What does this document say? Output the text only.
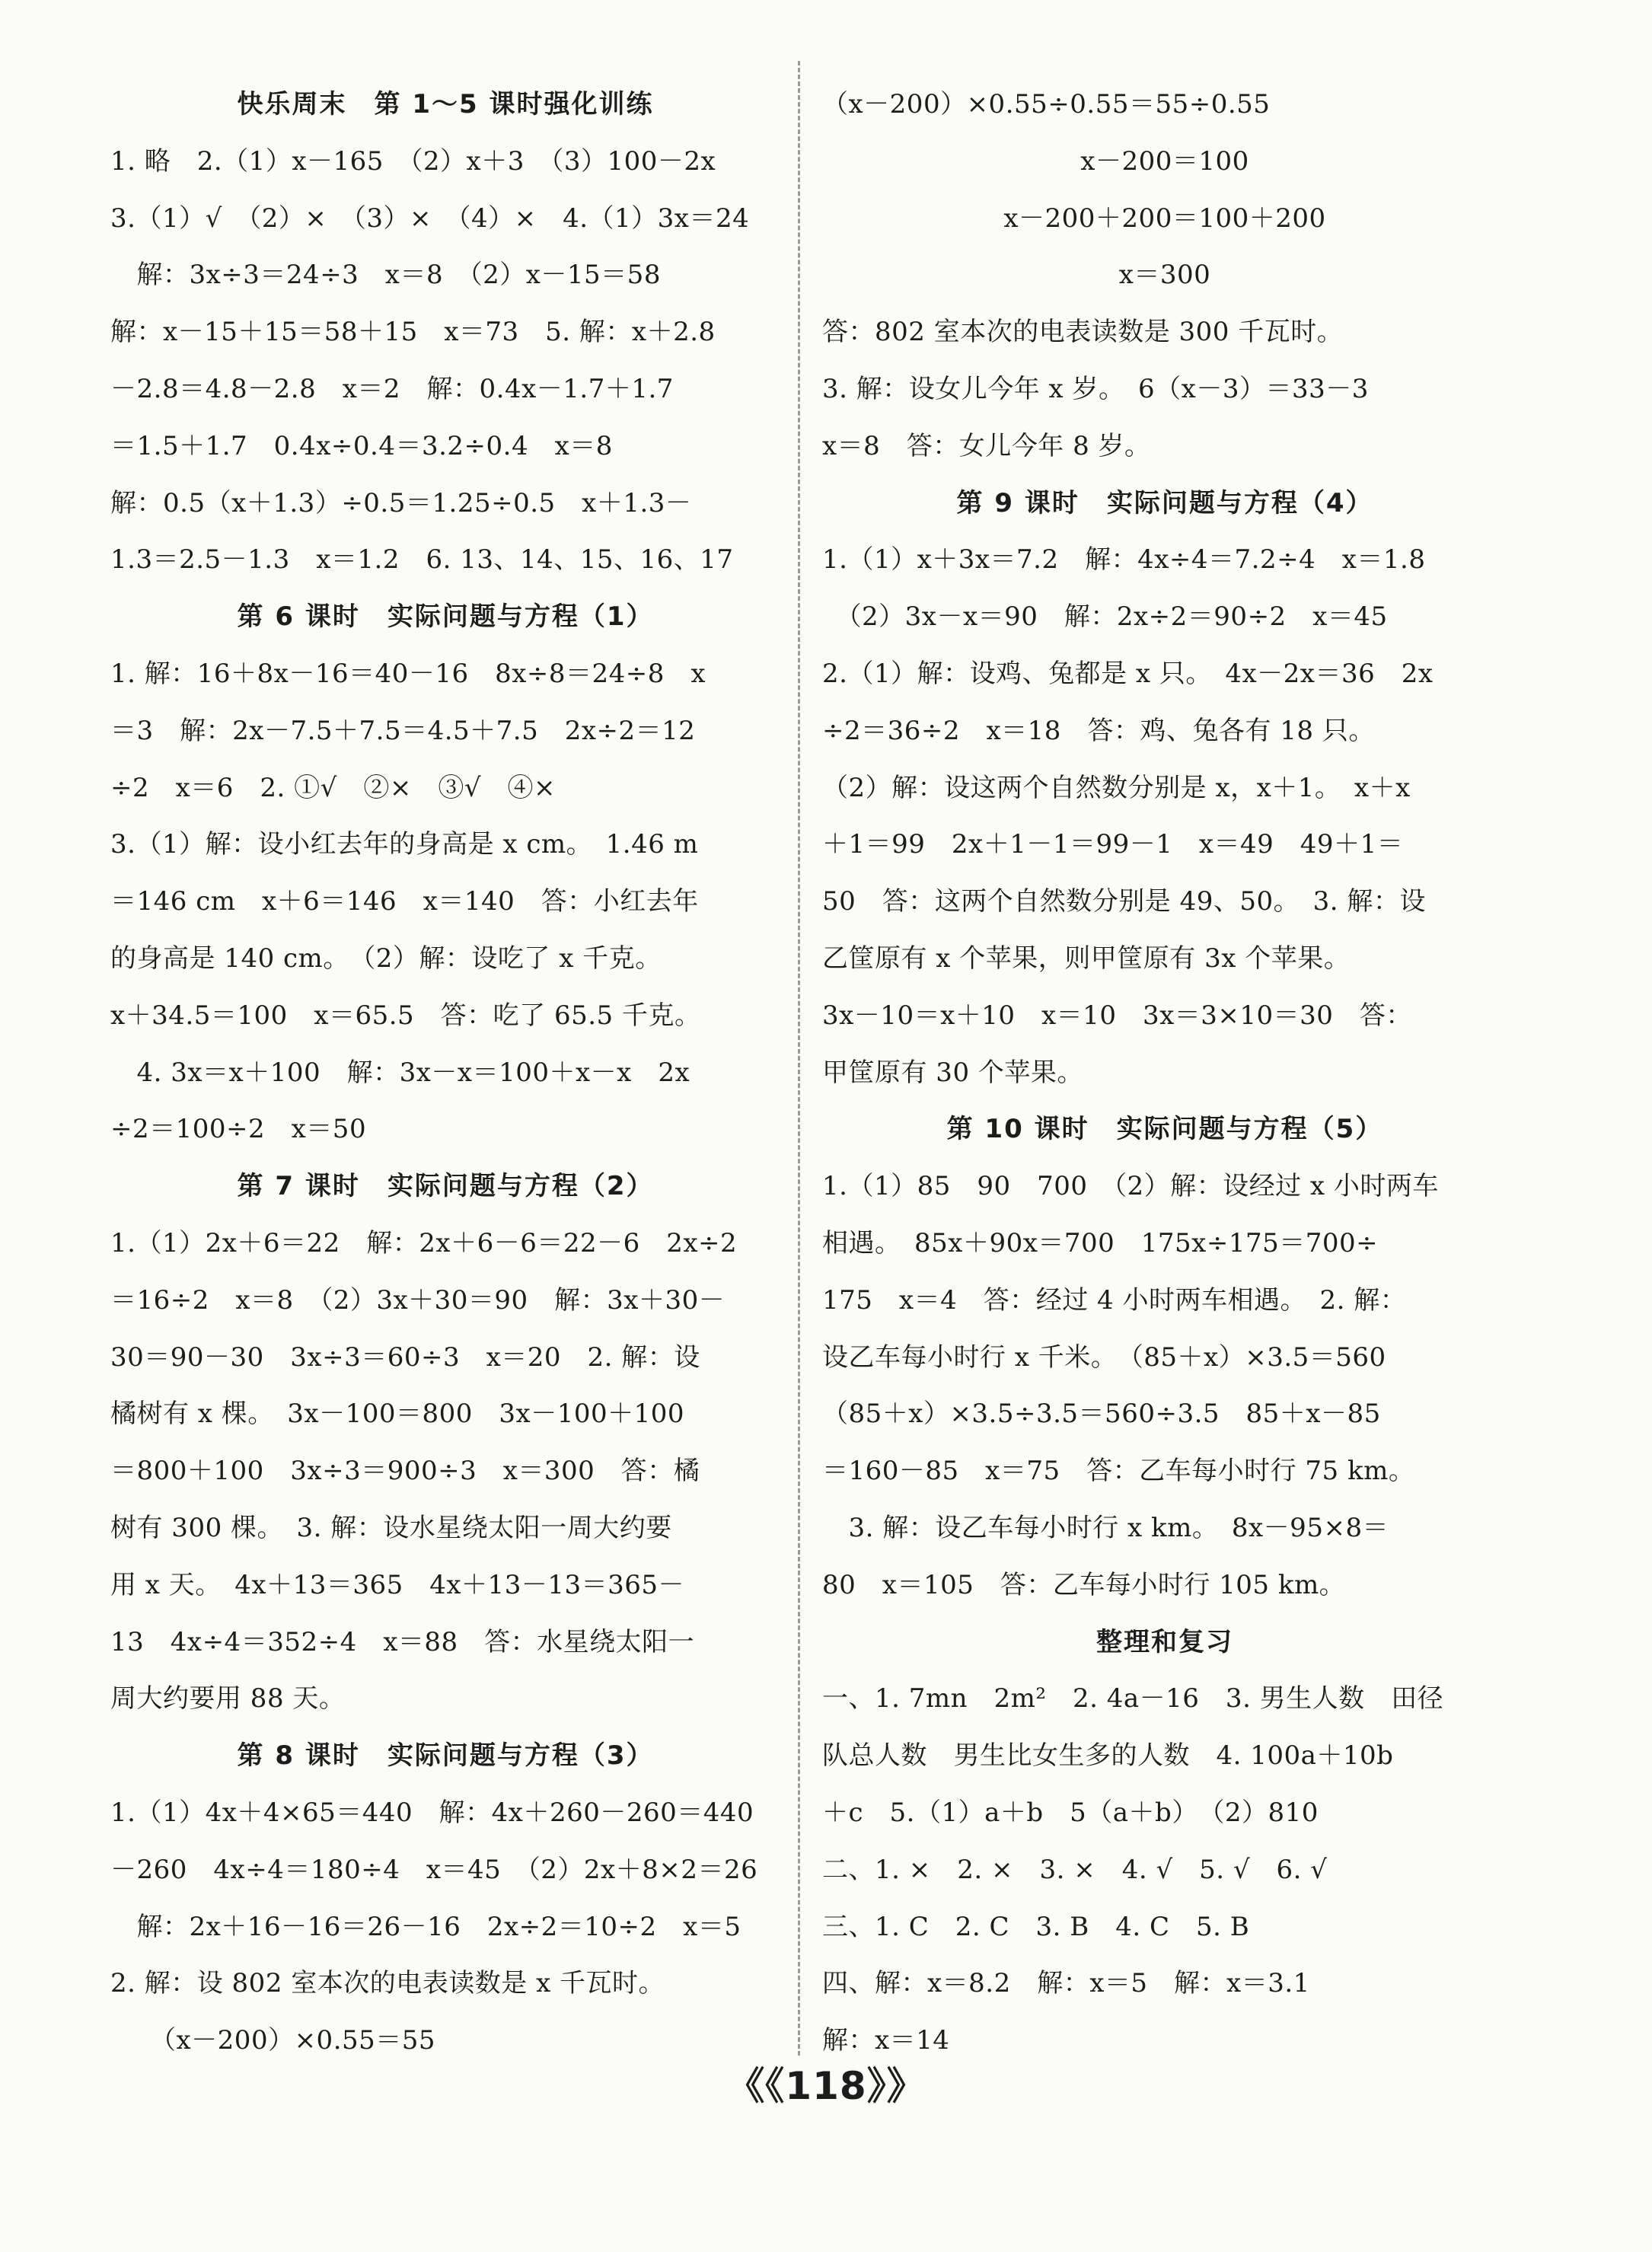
快乐周末　第 1～5 课时强化训练
1. 略　2.（1）x－165　（2）x＋3　（3）100－2x
3.（1）√　（2）×　（3）×　（4）×　4.（1）3x＝24
　解：3x÷3＝24÷3　x＝8　（2）x－15＝58
解：x－15＋15＝58＋15　x＝73　5. 解：x＋2.8
－2.8＝4.8－2.8　x＝2　解：0.4x－1.7＋1.7
＝1.5＋1.7　0.4x÷0.4＝3.2÷0.4　x＝8
解：0.5（x＋1.3）÷0.5＝1.25÷0.5　x＋1.3－
1.3＝2.5－1.3　x＝1.2　6. 13、14、15、16、17
第 6 课时　实际问题与方程（1）
1. 解：16＋8x－16＝40－16　8x÷8＝24÷8　x
＝3　解：2x－7.5＋7.5＝4.5＋7.5　2x÷2＝12
÷2　x＝6　2. ①√　②×　③√　④×
3.（1）解：设小红去年的身高是 x cm。　1.46 m
＝146 cm　x＋6＝146　x＝140　答：小红去年
的身高是 140 cm。　（2）解：设吃了 x 千克。
x＋34.5＝100　x＝65.5　答：吃了 65.5 千克。
　4. 3x＝x＋100　解：3x－x＝100＋x－x　2x
÷2＝100÷2　x＝50
第 7 课时　实际问题与方程（2）
1.（1）2x＋6＝22　解：2x＋6－6＝22－6　2x÷2
＝16÷2　x＝8　（2）3x＋30＝90　解：3x＋30－
30＝90－30　3x÷3＝60÷3　x＝20　2. 解：设
橘树有 x 棵。　3x－100＝800　3x－100＋100
＝800＋100　3x÷3＝900÷3　x＝300　答：橘
树有 300 棵。　3. 解：设水星绕太阳一周大约要
用 x 天。　4x＋13＝365　4x＋13－13＝365－
13　4x÷4＝352÷4　x＝88　答：水星绕太阳一
周大约要用 88 天。
第 8 课时　实际问题与方程（3）
1.（1）4x＋4×65＝440　解：4x＋260－260＝440
－260　4x÷4＝180÷4　x＝45　（2）2x＋8×2＝26
　解：2x＋16－16＝26－16　2x÷2＝10÷2　x＝5
2. 解：设 802 室本次的电表读数是 x 千瓦时。
　　（x－200）×0.55＝55
（x－200）×0.55÷0.55＝55÷0.55
x－200＝100
x－200＋200＝100＋200
x＝300
答：802 室本次的电表读数是 300 千瓦时。
3. 解：设女儿今年 x 岁。　6（x－3）＝33－3
x＝8　答：女儿今年 8 岁。
第 9 课时　实际问题与方程（4）
1.（1）x＋3x＝7.2　解：4x÷4＝7.2÷4　x＝1.8
　（2）3x－x＝90　解：2x÷2＝90÷2　x＝45
2.（1）解：设鸡、兔都是 x 只。　4x－2x＝36　2x
÷2＝36÷2　x＝18　答：鸡、兔各有 18 只。
（2）解：设这两个自然数分别是 x，x＋1。　x＋x
＋1＝99　2x＋1－1＝99－1　x＝49　49＋1＝
50　答：这两个自然数分别是 49、50。　3. 解：设
乙筐原有 x 个苹果，则甲筐原有 3x 个苹果。
3x－10＝x＋10　x＝10　3x＝3×10＝30　答：
甲筐原有 30 个苹果。
第 10 课时　实际问题与方程（5）
1.（1）85　90　700　（2）解：设经过 x 小时两车
相遇。　85x＋90x＝700　175x÷175＝700÷
175　x＝4　答：经过 4 小时两车相遇。　2. 解：
设乙车每小时行 x 千米。　（85＋x）×3.5＝560
（85＋x）×3.5÷3.5＝560÷3.5　85＋x－85
＝160－85　x＝75　答：乙车每小时行 75 km。
　3. 解：设乙车每小时行 x km。　8x－95×8＝
80　x＝105　答：乙车每小时行 105 km。
整理和复习
一、1. 7mn　2m²　2. 4a－16　3. 男生人数　田径
队总人数　男生比女生多的人数　4. 100a＋10b
＋c　5.（1）a＋b　5（a＋b）　（2）810
二、1. ×　2. ×　3. ×　4. √　5. √　6. √
三、1. C　2. C　3. B　4. C　5. B
四、解：x＝8.2　解：x＝5　解：x＝3.1
解：x＝14
《《118》》
